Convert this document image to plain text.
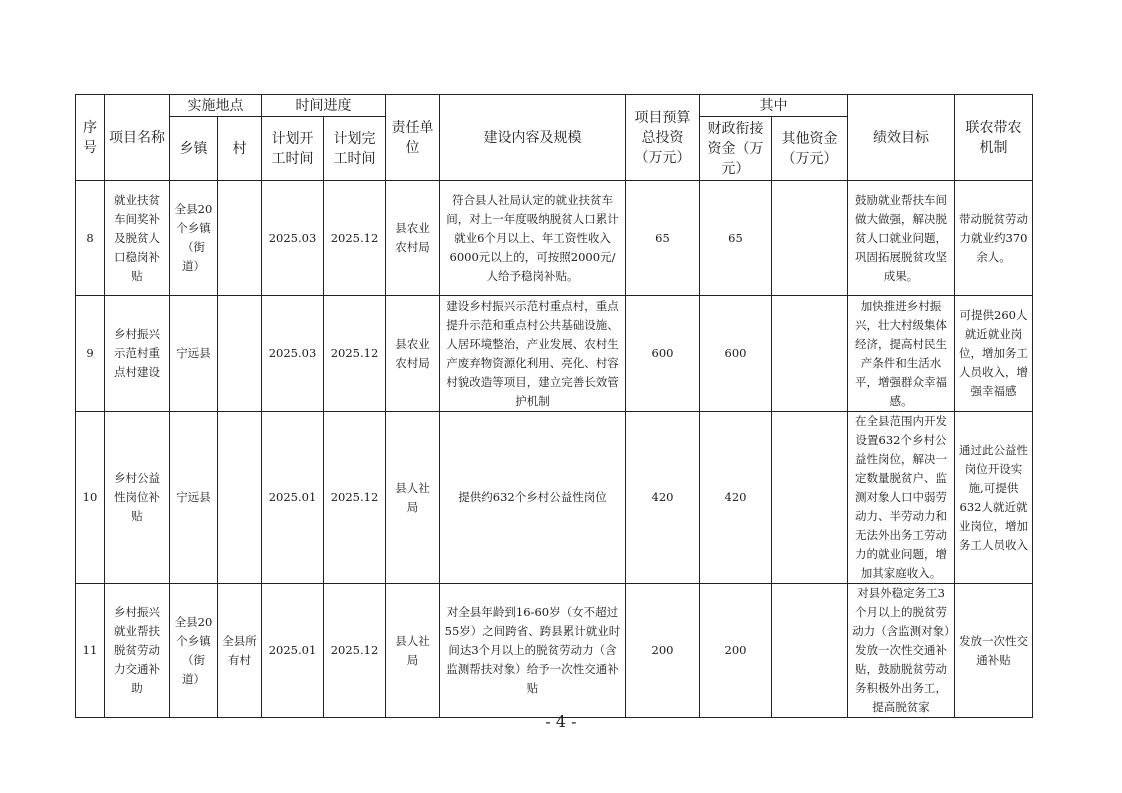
序号	项目名称	实施地点		时间进度		责任单位	建设内容及规模	项目预算总投资（万元）	其中		绩效目标	联农带农机制
		乡镇	村	计划开工时间	计划完工时间				财政衔接资金（万元）	其他资金（万元）		
8	就业扶贫车间奖补及脱贫人口稳岗补贴	全县20个乡镇（街道）		2025.03	2025.12	县农业农村局	符合县人社局认定的就业扶贫车间，对上一年度吸纳脱贫人口累计就业6个月以上、年工资性收入6000元以上的，可按照2000元/人给予稳岗补贴。	65	65		鼓励就业帮扶车间做大做强，解决脱贫人口就业问题，巩固拓展脱贫攻坚成果。	带动脱贫劳动力就业约370余人。
9	乡村振兴示范村重点村建设	宁远县		2025.03	2025.12	县农业农村局	建设乡村振兴示范村重点村，重点提升示范和重点村公共基础设施、人居环境整治，产业发展、农村生产废弃物资源化利用、亮化、村容村貌改造等项目，建立完善长效管护机制	600	600		加快推进乡村振兴，壮大村级集体经济，提高村民生产条件和生活水平，增强群众幸福感。	可提供260人就近就业岗位，增加务工人员收入，增强幸福感
10	乡村公益性岗位补贴	宁远县		2025.01	2025.12	县人社局	提供约632个乡村公益性岗位	420	420		在全县范围内开发设置632个乡村公益性岗位，解决一定数量脱贫户、监测对象人口中弱劳动力、半劳动力和无法外出务工劳动力的就业问题，增加其家庭收入。	通过此公益性岗位开设实施,可提供632人就近就业岗位，增加务工人员收入
11	乡村振兴就业帮扶脱贫劳动力交通补助	全县20个乡镇（街道）	全县所有村	2025.01	2025.12	县人社局	对全县年龄到16-60岁（女不超过55岁）之间跨省、跨县累计就业时间达3个月以上的脱贫劳动力（含监测帮扶对象）给予一次性交通补贴	200	200		对县外稳定务工3个月以上的脱贫劳动力（含监测对象）发放一次性交通补贴，鼓励脱贫劳动务积极外出务工，提高脱贫家	发放一次性交通补贴
- 4 -
